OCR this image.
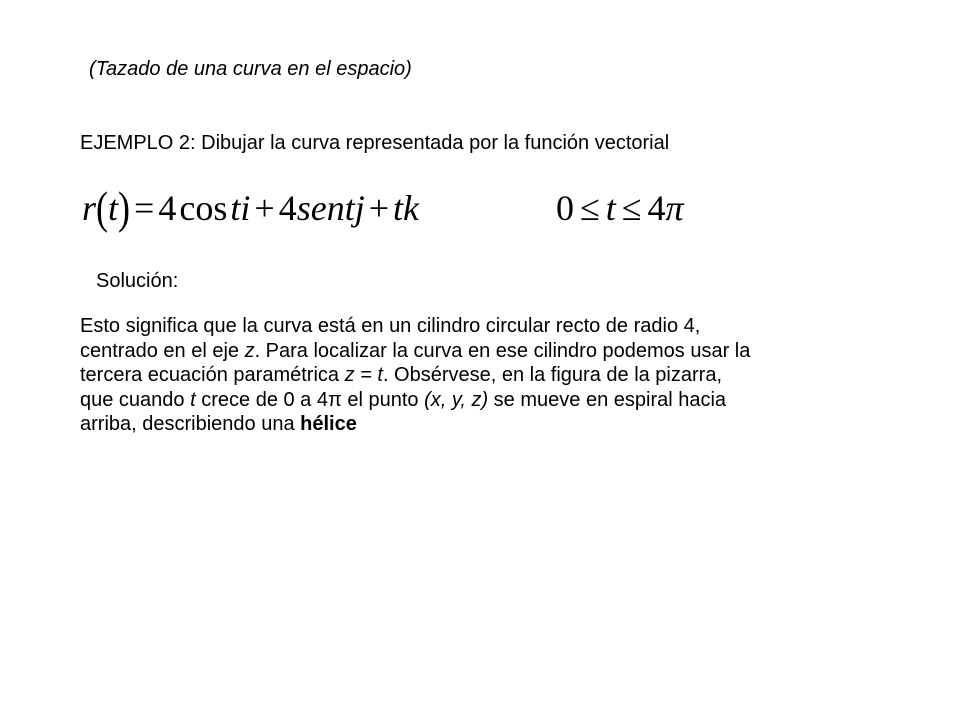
(Tazado de una curva en el espacio)
EJEMPLO 2: Dibujar la curva representada por la función vectorial
r(t) = 4 cos ti + 4sentj + tk	0 ≤ t ≤ 4π
Solución:
Esto significa que la curva está en un cilindro circular recto de radio 4,
centrado en el eje z. Para localizar la curva en ese cilindro podemos usar la
tercera ecuación paramétrica z = t. Obsérvese, en la figura de la pizarra,
que cuando t crece de 0 a 4π el punto (x, y, z) se mueve en espiral hacia
arriba, describiendo una hélice
